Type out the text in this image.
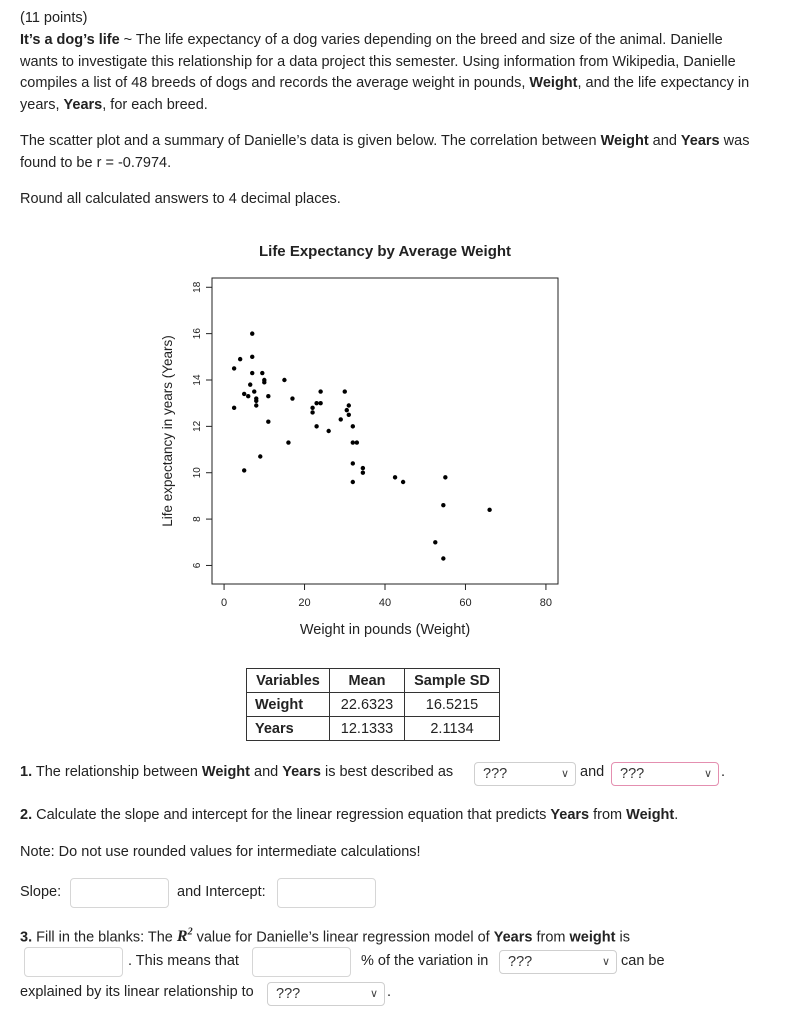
(11 points)
It’s a dog’s life ~ The life expectancy of a dog varies depending on the breed and size of the animal. Danielle wants to investigate this relationship for a data project this semester. Using information from Wikipedia, Danielle compiles a list of 48 breeds of dogs and records the average weight in pounds, Weight, and the life expectancy in years, Years, for each breed.
The scatter plot and a summary of Danielle’s data is given below. The correlation between Weight and Years was found to be r = -0.7974.
Round all calculated answers to 4 decimal places.
Life Expectancy by Average Weight
0	20	40	60	80
6
8
10
12
14
16
18
Weight in pounds (Weight)
Life expectancy in years (Years)
Variables	Mean	Sample SD
Weight	22.6323	16.5215
Years	12.1333	2.1134
1. The relationship between Weight and Years is best described as	???	∨ and	???	∨ .
2. Calculate the slope and intercept for the linear regression equation that predicts Years from Weight.
Note: Do not use rounded values for intermediate calculations!
Slope:	and Intercept:
3. Fill in the blanks: The $R^2$ value for Danielle’s linear regression model of Years from weight is
. This means that	% of the variation in	???	∨ can be
explained by its linear relationship to	???	∨ .
